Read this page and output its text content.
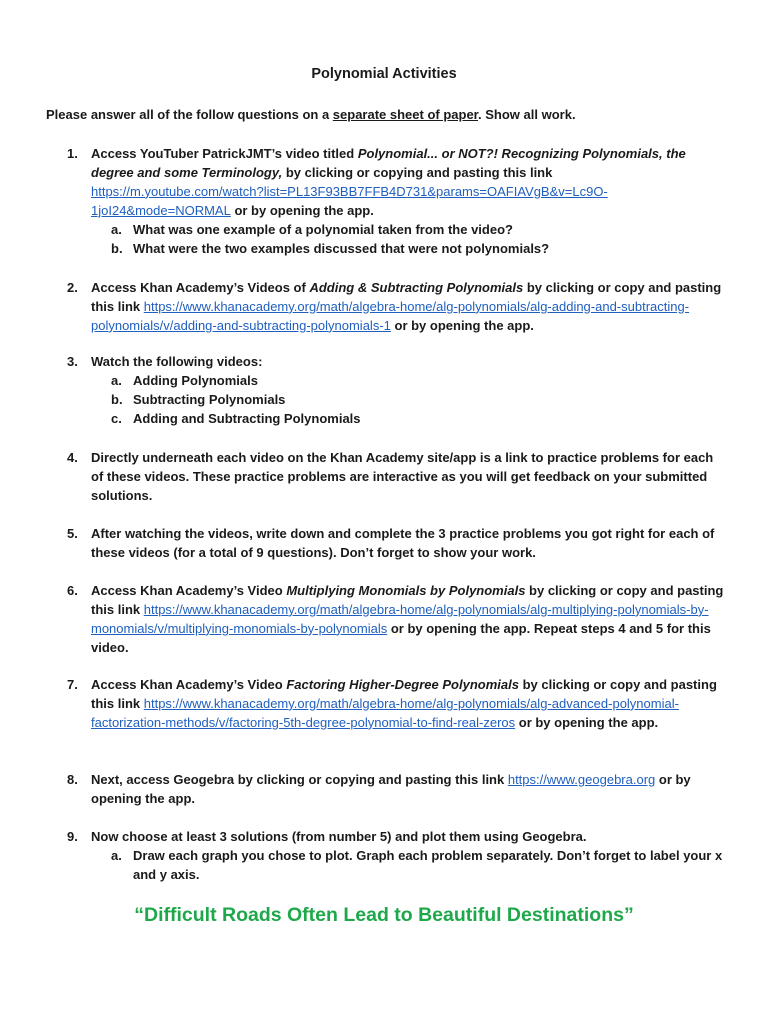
Polynomial Activities
Please answer all of the follow questions on a separate sheet of paper. Show all work.
1.	Access YouTuber PatrickJMT’s video titled Polynomial... or NOT?! Recognizing Polynomials, the degree and some Terminology, by clicking or copying and pasting this link https://m.youtube.com/watch?list=PL13F93BB7FFB4D731&params=OAFIAVgB&v=Lc9O-1joI24&mode=NORMAL or by opening the app.
a. What was one example of a polynomial taken from the video?
b. What were the two examples discussed that were not polynomials?
2.	Access Khan Academy’s Videos of Adding & Subtracting Polynomials by clicking or copy and pasting this link https://www.khanacademy.org/math/algebra-home/alg-polynomials/alg-adding-and-subtracting-polynomials/v/adding-and-subtracting-polynomials-1 or by opening the app.
3.	Watch the following videos:
a. Adding Polynomials
b. Subtracting Polynomials
c. Adding and Subtracting Polynomials
4.	Directly underneath each video on the Khan Academy site/app is a link to practice problems for each of these videos. These practice problems are interactive as you will get feedback on your submitted solutions.
5.	After watching the videos, write down and complete the 3 practice problems you got right for each of these videos (for a total of 9 questions). Don’t forget to show your work.
6.	Access Khan Academy’s Video Multiplying Monomials by Polynomials by clicking or copy and pasting this link https://www.khanacademy.org/math/algebra-home/alg-polynomials/alg-multiplying-polynomials-by-monomials/v/multiplying-monomials-by-polynomials or by opening the app. Repeat steps 4 and 5 for this video.
7.	Access Khan Academy’s Video Factoring Higher-Degree Polynomials by clicking or copy and pasting this link https://www.khanacademy.org/math/algebra-home/alg-polynomials/alg-advanced-polynomial-factorization-methods/v/factoring-5th-degree-polynomial-to-find-real-zeros or by opening the app.
8.	Next, access Geogebra by clicking or copying and pasting this link https://www.geogebra.org or by opening the app.
9.	Now choose at least 3 solutions (from number 5) and plot them using Geogebra.
a. Draw each graph you chose to plot. Graph each problem separately. Don’t forget to label your x and y axis.
“Difficult Roads Often Lead to Beautiful Destinations”
